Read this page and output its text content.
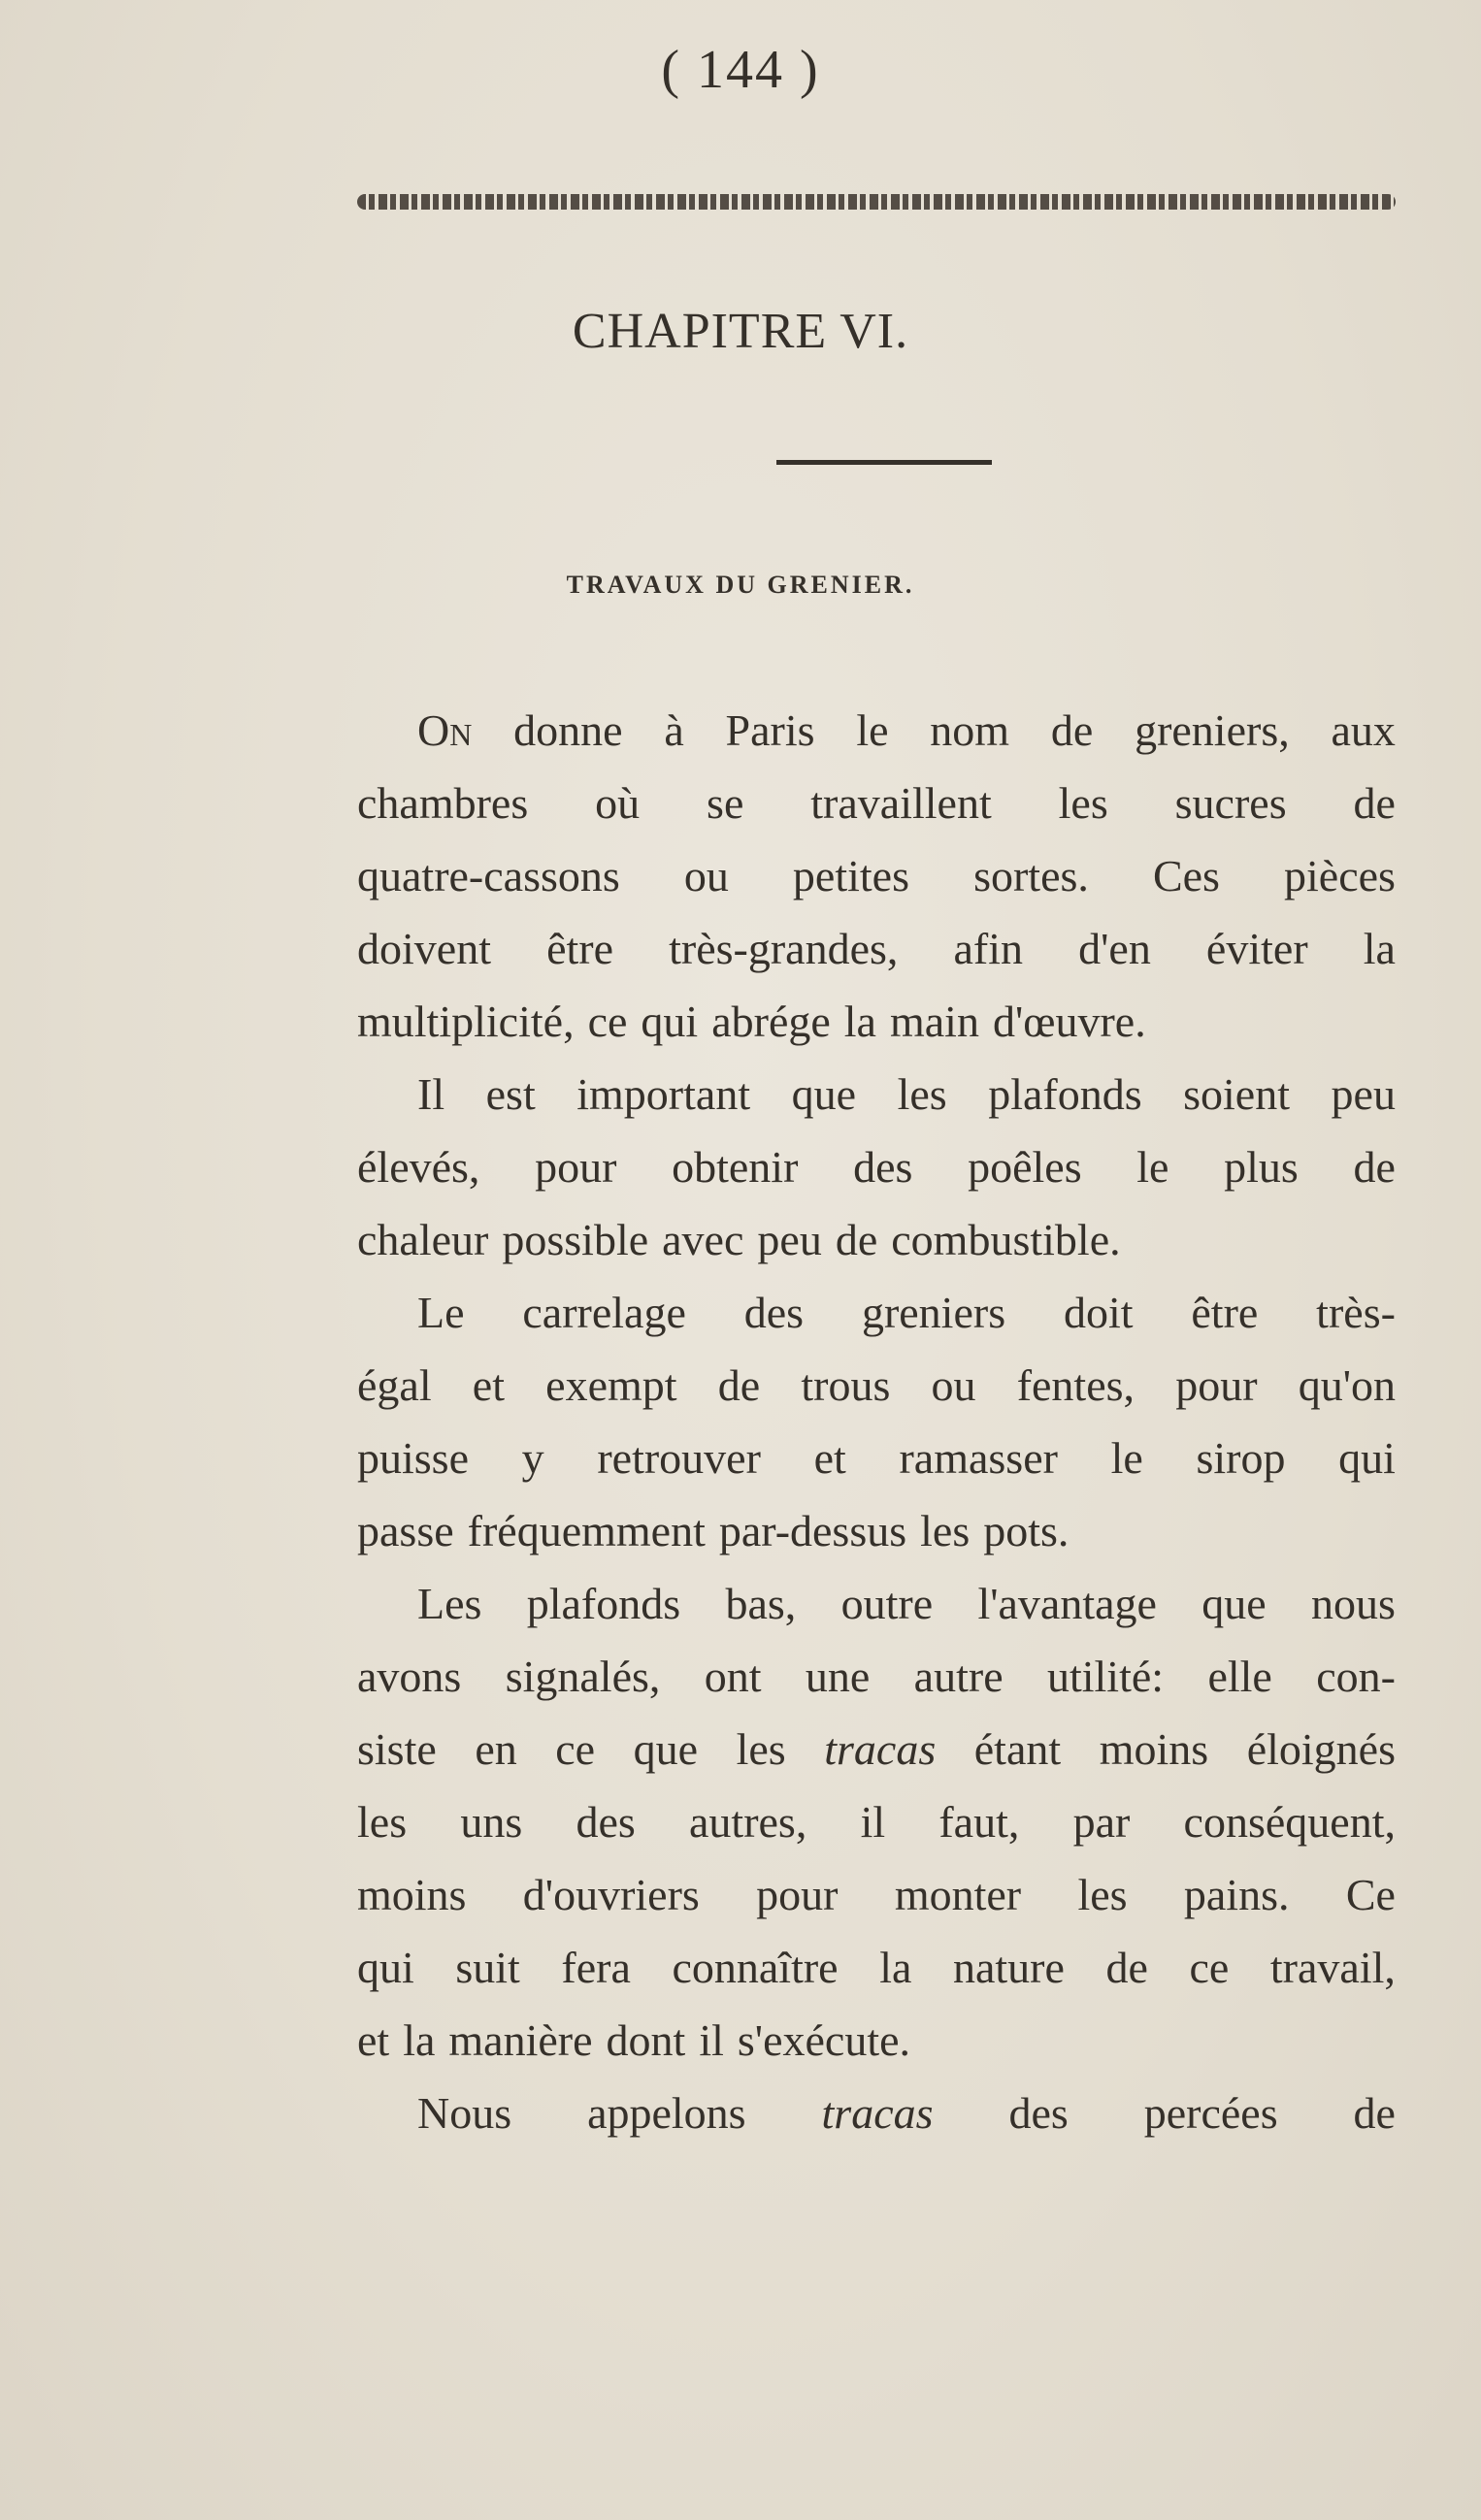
( 144 )
CHAPITRE VI.
TRAVAUX DU GRENIER.
On donne à Paris le nom de greniers, aux
chambres où se travaillent les sucres de
quatre-cassons ou petites sortes. Ces pièces
doivent être très-grandes, afin d'en éviter la
multiplicité, ce qui abrége la main d'œuvre.
Il est important que les plafonds soient peu
élevés, pour obtenir des poêles le plus de
chaleur possible avec peu de combustible.
Le carrelage des greniers doit être très-
égal et exempt de trous ou fentes, pour qu'on
puisse y retrouver et ramasser le sirop qui
passe fréquemment par-dessus les pots.
Les plafonds bas, outre l'avantage que nous
avons signalés, ont une autre utilité: elle con-
siste en ce que les tracas étant moins éloignés
les uns des autres, il faut, par conséquent,
moins d'ouvriers pour monter les pains. Ce
qui suit fera connaître la nature de ce travail,
et la manière dont il s'exécute.
Nous appelons tracas des percées de
